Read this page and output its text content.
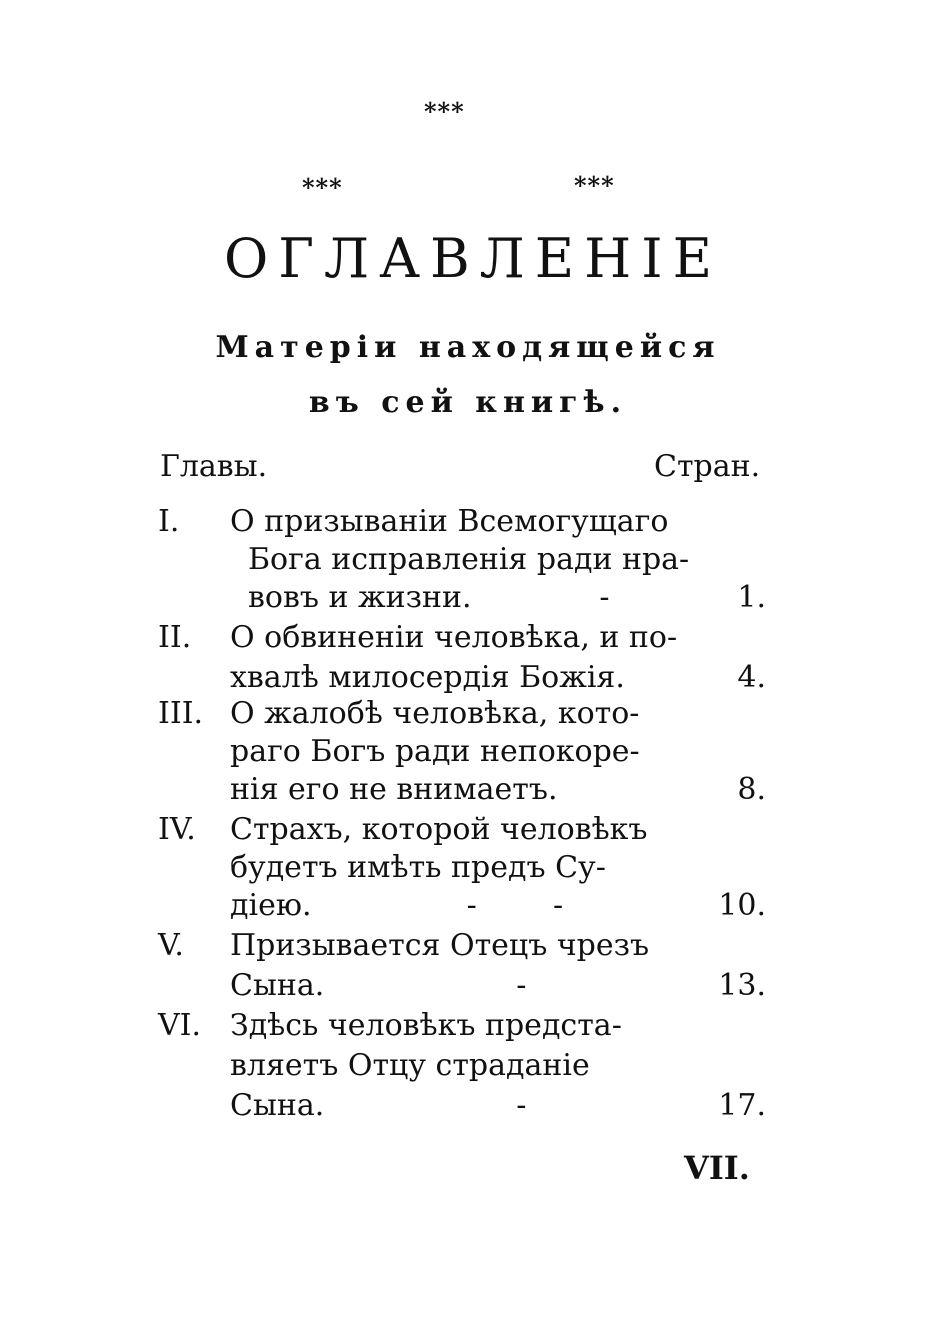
***
***	***
ОГЛАВЛЕНІЕ
Матеріи находящейся
въ сей книгѣ.
Главы.	Стран.
I. О призываніи Всемогущаго
Бога исправленія ради нра-
вовъ и жизни.	-	1.
II. О обвиненіи человѣка, и по-
хвалѣ милосердія Божія.	4.
III. О жалобѣ человѣка, кото-
раго Богъ ради непокоре-
нія его не внимаетъ.	8.
IV. Страхъ, которой человѣкъ
будетъ имѣть предъ Су-
діею.	-        -	10.
V. Призывается Отецъ чрезъ
Сына.	-	13.
VI. Здѣсь человѣкъ предста-
вляетъ Отцу страданіе
Сына.	-	17.
VII.
